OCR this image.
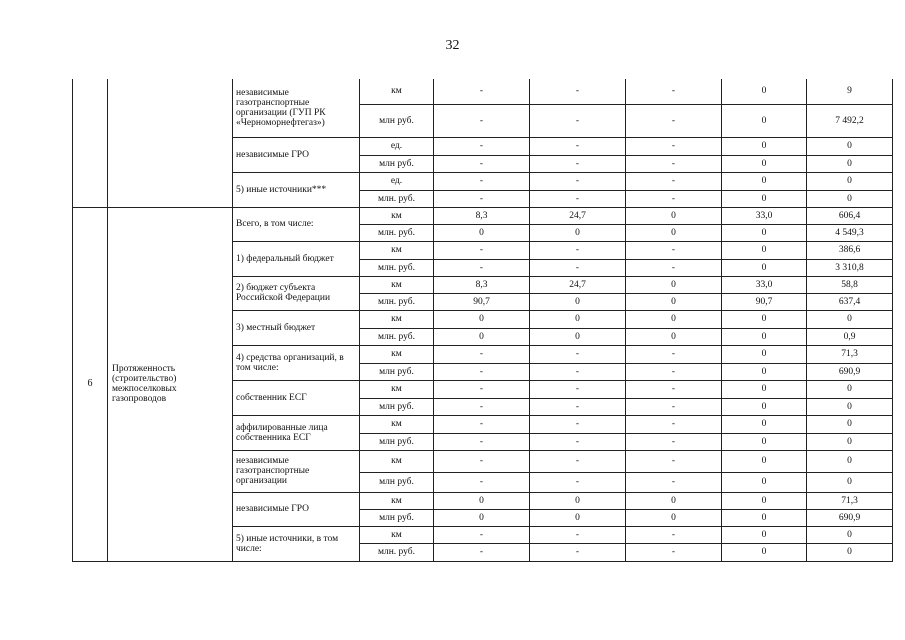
32
		независимые газотранспортные организации (ГУП РК «Черноморнефтегаз»)	км	-	-	-	0	9
			млн руб.	-	-	-	0	7 492,2
		независимые ГРО	ед.	-	-	-	0	0
			млн руб.	-	-	-	0	0
		5) иные источники***	ед.	-	-	-	0	0
			млн. руб.	-	-	-	0	0
6	Протяженность (строительство) межпоселковых газопроводов	Всего, в том числе:	км	8,3	24,7	0	33,0	606,4
			млн. руб.	0	0	0	0	4 549,3
		1) федеральный бюджет	км	-	-	-	0	386,6
			млн. руб.	-	-	-	0	3 310,8
		2) бюджет субъекта Российской Федерации	км	8,3	24,7	0	33,0	58,8
			млн. руб.	90,7	0	0	90,7	637,4
		3) местный бюджет	км	0	0	0	0	0
			млн. руб.	0	0	0	0	0,9
		4) средства организаций, в том числе:	км	-	-	-	0	71,3
			млн руб.	-	-	-	0	690,9
		собственник ЕСГ	км	-	-	-	0	0
			млн руб.	-	-	-	0	0
		аффилированные лица собственника ЕСГ	км	-	-	-	0	0
			млн руб.	-	-	-	0	0
		независимые газотранспортные организации	км	-	-	-	0	0
			млн руб.	-	-	-	0	0
		независимые ГРО	км	0	0	0	0	71,3
			млн руб.	0	0	0	0	690,9
		5) иные источники, в том числе:	км	-	-	-	0	0
			млн. руб.	-	-	-	0	0
